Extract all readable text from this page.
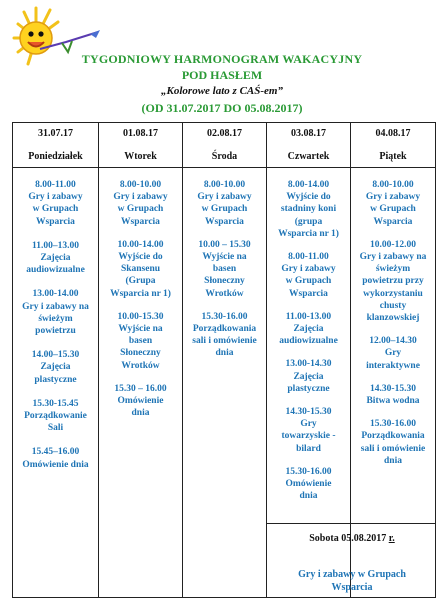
TYGODNIOWY HARMONOGRAM WAKACYJNY
POD HASŁEM
„Kolorowe lato z CAŚ-em”
(OD 31.07.2017 DO 05.08.2017)
31.07.17
Poniedziałek
8.00-11.00
Gry i zabawy
w Grupach
Wsparcia
11.00–13.00
Zajęcia
audiowizualne
13.00-14.00
Gry i zabawy na
świeżym
powietrzu
14.00–15.30
Zajęcia
plastyczne
15.30-15.45
Porządkowanie
Sali
15.45–16.00
Omówienie dnia
01.08.17
Wtorek
8.00-10.00
Gry i zabawy
w Grupach
Wsparcia
10.00-14.00
Wyjście do
Skansenu
(Grupa
Wsparcia nr 1)
10.00-15.30
Wyjście na
basen
Słoneczny
Wrotków
15.30 – 16.00
Omówienie
dnia
02.08.17
Środa
8.00-10.00
Gry i zabawy
w Grupach
Wsparcia
10.00 – 15.30
Wyjście na
basen
Słoneczny
Wrotków
15.30-16.00
Porządkowania
sali i omówienie
dnia
03.08.17
Czwartek
8.00-14.00
Wyjście do
stadniny koni
(grupa
Wsparcia nr 1)
8.00-11.00
Gry i zabawy
w Grupach
Wsparcia
11.00-13.00
Zajęcia
audiowizualne
13.00-14.30
Zajęcia
plastyczne
14.30-15.30
Gry
towarzyskie -
bilard
15.30-16.00
Omówienie
dnia
04.08.17
Piątek
8.00-10.00
Gry i zabawy
w Grupach
Wsparcia
10.00-12.00
Gry i zabawy na
świeżym
powietrzu przy
wykorzystaniu
chusty
klanzowskiej
12.00–14.30
Gry
interaktywne
14.30-15.30
Bitwa wodna
15.30-16.00
Porządkowania
sali i omówienie
dnia
Sobota 05.08.2017 r.
Gry i zabawy w Grupach
Wsparcia
